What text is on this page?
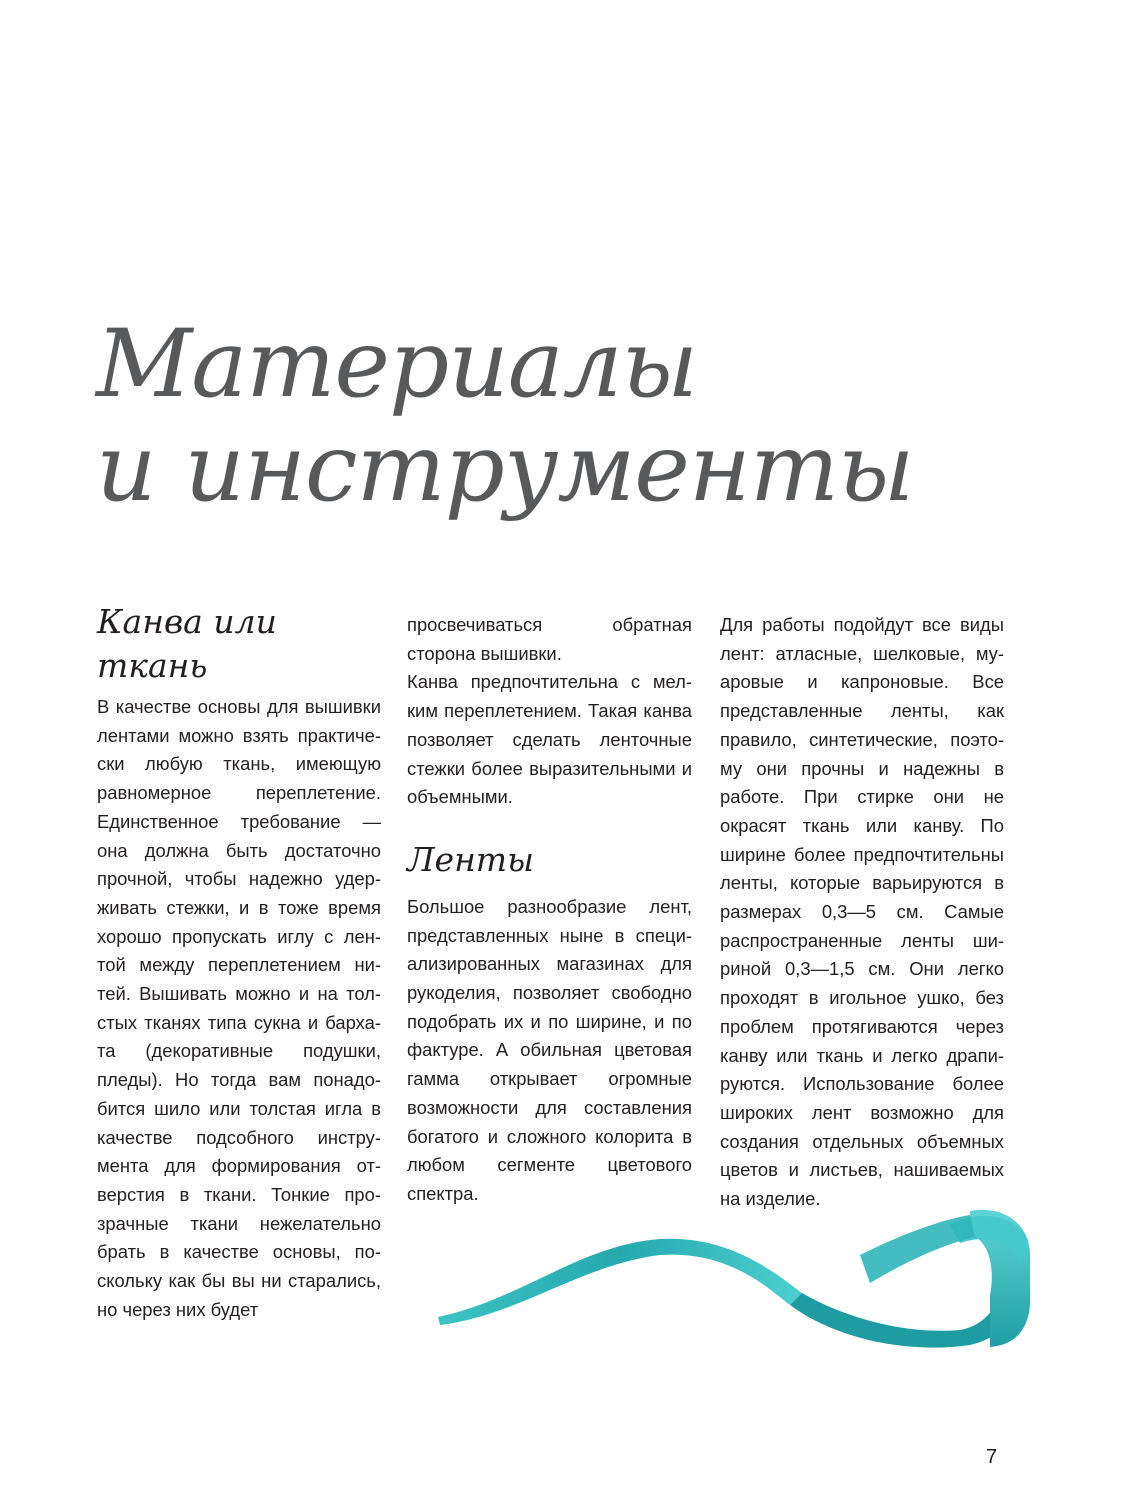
Материалы
и инструменты
Канва или
ткань

В качестве основы для вышивки лентами можно взять практически любую ткань, имеющую равномерное переплетение. Единственное требование — она должна быть достаточно прочной, чтобы надежно удерживать стежки, и в тоже время хорошо пропускать иглу с лентой между переплетением нитей. Вышивать можно и на толстых тканях типа сукна и бархата (декоративные подушки, пледы). Но тогда вам понадобится шило или толстая игла в качестве подсобного инструмента для формирования отверстия в ткани. Тонкие прозрачные ткани нежелательно брать в качестве основы, поскольку как бы вы ни старались, но через них будет

просвечиваться обратная сторона вышивки.

Канва предпочтительна с мелким переплетением. Такая канва позволяет сделать ленточные стежки более выразительными и объемными.

Ленты

Большое разнообразие лент, представленных ныне в специализированных магазинах для рукоделия, позволяет свободно подобрать их и по ширине, и по фактуре. А обильная цветовая гамма открывает огромные возможности для составления богатого и сложного колорита в любом сегменте цветового спектра.

Для работы подойдут все виды лент: атласные, шелковые, муаровые и капроновые. Все представленные ленты, как правило, синтетические, поэтому они прочны и надежны в работе. При стирке они не окрасят ткань или канву. По ширине более предпочтительны ленты, которые варьируются в размерах 0,3—5 см. Самые распространенные ленты шириной 0,3—1,5 см. Они легко проходят в игольное ушко, без проблем протягиваются через канву или ткань и легко драпируются. Использование более широких лент возможно для создания отдельных объемных цветов и листьев, нашиваемых на изделие.

7
